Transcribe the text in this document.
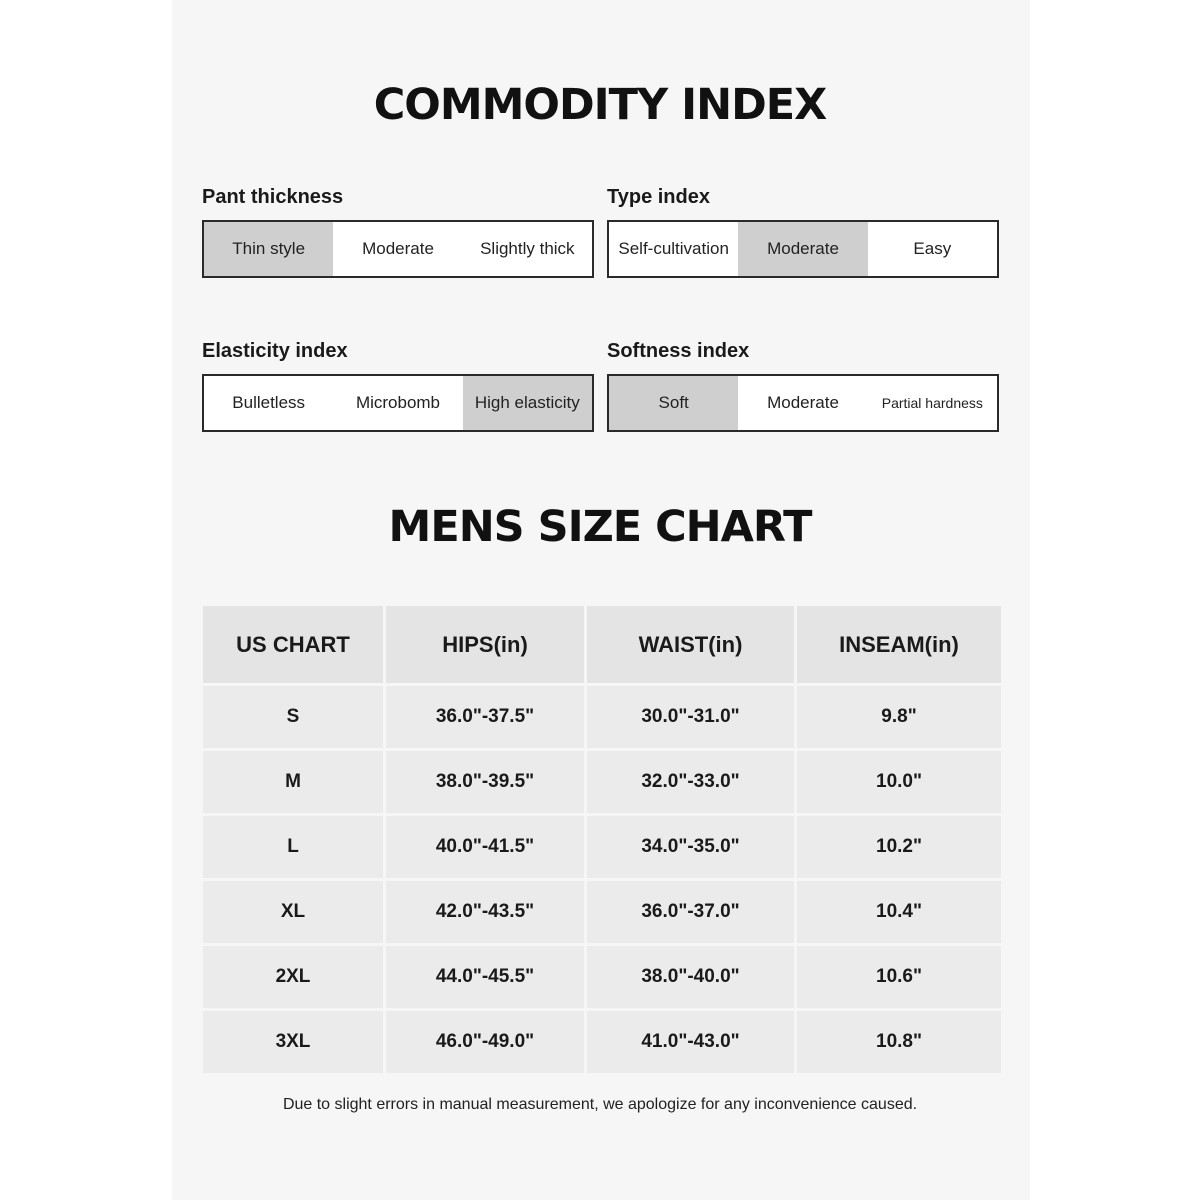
COMMODITY INDEX
Pant thickness
Thin style	Moderate	Slightly thick
Type index
Self-cultivation	Moderate	Easy
Elasticity index
Bulletless	Microbomb	High elasticity
Softness index
Soft	Moderate	Partial hardness
MENS SIZE CHART
US CHART	HIPS(in)	WAIST(in)	INSEAM(in)
S	36.0"-37.5"	30.0"-31.0"	9.8"
M	38.0"-39.5"	32.0"-33.0"	10.0"
L	40.0"-41.5"	34.0"-35.0"	10.2"
XL	42.0"-43.5"	36.0"-37.0"	10.4"
2XL	44.0"-45.5"	38.0"-40.0"	10.6"
3XL	46.0"-49.0"	41.0"-43.0"	10.8"
Due to slight errors in manual measurement, we apologize for any inconvenience caused.
